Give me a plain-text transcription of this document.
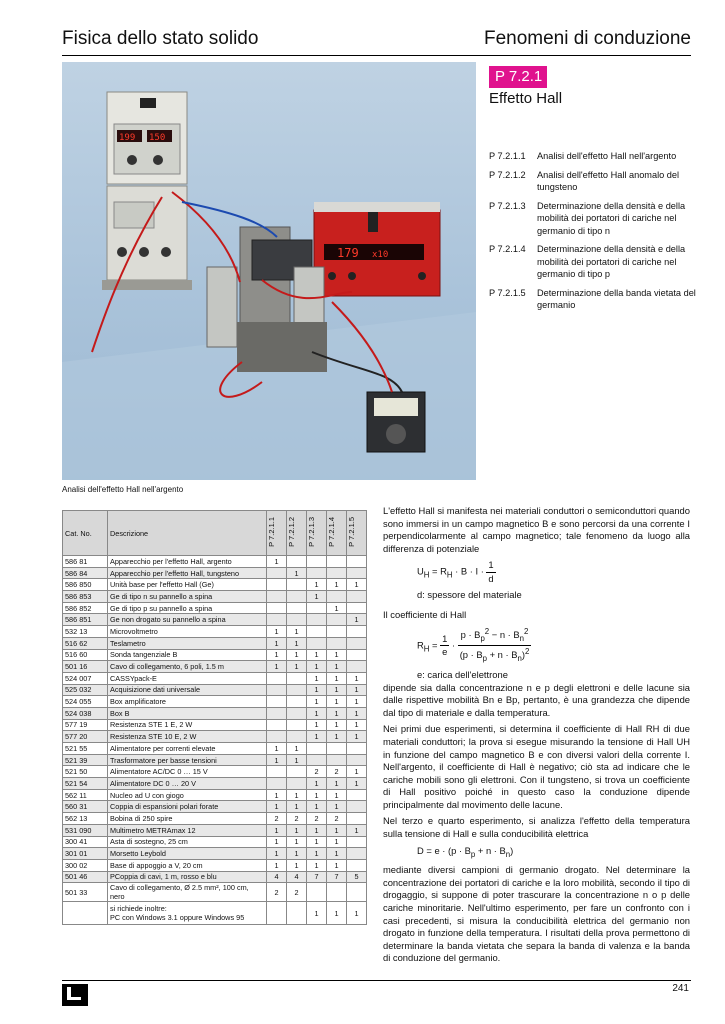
Fisica dello stato solido	Fenomeni di conduzione
199 150
179 x10
Analisi dell'effetto Hall nell'argento
P 7.2.1
Effetto Hall
P 7.2.1.1	Analisi dell'effetto Hall nell'argento
P 7.2.1.2	Analisi dell'effetto Hall anomalo del tungsteno
P 7.2.1.3	Determinazione della densità e della mobilità dei portatori di cariche nel germanio di tipo n
P 7.2.1.4	Determinazione della densità e della mobilità dei portatori di cariche nel germanio di tipo p
P 7.2.1.5	Determinazione della banda vietata del germanio
Cat. No.	Descrizione	P 7.2.1.1	P 7.2.1.2	P 7.2.1.3	P 7.2.1.4	P 7.2.1.5
586 81	Apparecchio per l'effetto Hall, argento	1				
586 84	Apparecchio per l'effetto Hall, tungsteno		1			
586 850	Unità base per l'effetto Hall (Ge)			1	1	1
586 853	Ge di tipo n su pannello a spina			1		
586 852	Ge di tipo p su pannello a spina				1	
586 851	Ge non drogato su pannello a spina					1
532 13	Microvoltmetro	1	1			
516 62	Teslametro	1	1			
516 60	Sonda tangenziale B	1	1	1	1	
501 16	Cavo di collegamento, 6 poli, 1.5 m	1	1	1	1	
524 007	CASSYpack-E			1	1	1
525 032	Acquisizione dati universale			1	1	1
524 055	Box amplificatore			1	1	1
524 038	Box B			1	1	1
577 19	Resistenza STE 1 E, 2 W			1	1	1
577 20	Resistenza STE 10 E, 2 W			1	1	1
521 55	Alimentatore per correnti elevate	1	1			
521 39	Trasformatore per basse tensioni	1	1			
521 50	Alimentatore AC/DC 0 … 15 V			2	2	1
521 54	Alimentatore DC 0 … 20 V			1	1	1
562 11	Nucleo ad U con giogo	1	1	1	1	
560 31	Coppia di espansioni polari forate	1	1	1	1	
562 13	Bobina di 250 spire	2	2	2	2	
531 090	Multimetro METRAmax 12	1	1	1	1	1
300 41	Asta di sostegno, 25 cm	1	1	1	1	
301 01	Morsetto Leybold	1	1	1	1	
300 02	Base di appoggio a V, 20 cm	1	1	1	1	
501 46	PCoppia di cavi, 1 m, rosso e blu	4	4	7	7	5
501 33	Cavo di collegamento, Ø 2.5 mm², 100 cm, nero	2	2			

	si richiede inoltre:
PC con Windows 3.1 oppure Windows 95			1	1	1

L'effetto Hall si manifesta nei materiali conduttori o semiconduttori quando sono immersi in un campo magnetico B e sono percorsi da una corrente I perpendicolarmente al campo magnetico; tale fenomeno da luogo alla differenza di potenziale

$U_H = R_H \cdot B \cdot I \cdot \frac{1}{d}$
d: spessore del materiale

Il coefficiente di Hall

$R_H = \frac{1}{e} \cdot \frac{p \cdot B_p^2 - n \cdot B_n^2}{(p \cdot B_p + n \cdot B_n)^2}$
e: carica dell'elettrone

dipende sia dalla concentrazione n e p degli elettroni e delle lacune sia dalle rispettive mobilità Bn e Bp, pertanto, è una grandezza che dipende dal tipo di materiale e dalla temperatura.

Nei primi due esperimenti, si determina il coefficiente di Hall RH di due materiali conduttori; la prova si esegue misurando la tensione di Hall UH in funzione del campo magnetico B e con diversi valori della corrente I. Nell'argento, il coefficiente di Hall è negativo; ciò sta ad indicare che le cariche mobili sono gli elettroni. Con il tungsteno, si trova un coefficiente di Hall positivo poiché in questo caso la conduzione dipende principalmente dal movimento delle lacune.

Nel terzo e quarto esperimento, si analizza l'effetto della temperatura sulla tensione di Hall e sulla conducibilità elettrica

$D = e \cdot (p \cdot B_p + n \cdot B_n)$

mediante diversi campioni di germanio drogato. Nel determinare la concentrazione dei portatori di cariche e la loro mobilità, secondo il tipo di drogaggio, si suppone di poter trascurare la concentrazione n o p delle cariche minoritarie. Nell'ultimo esperimento, per fare un confronto con i casi precedenti, si misura la conducibilità elettrica del germanio non drogato in funzione della temperatura. I risultati della prova permettono di determinare la banda vietata che separa la banda di valenza e la banda di conduzione del germanio.

241
